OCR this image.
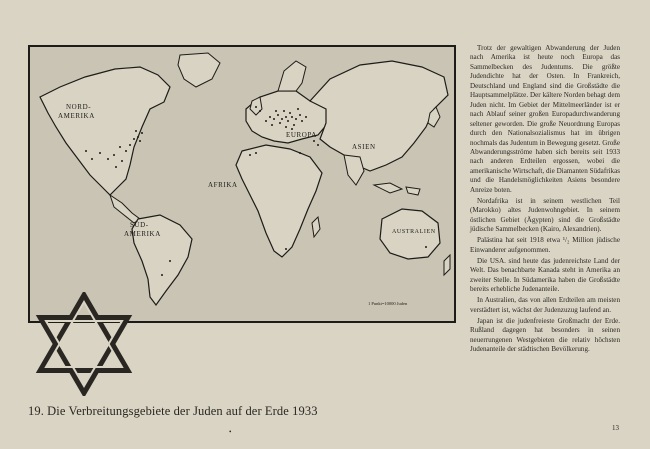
NORD-
AMERIKA
EUROPA
ASIEN
AFRIKA
SÜD-
AMERIKA	AUSTRALIEN
1 Punkt=10000 Juden
19. Die Verbreitungsgebiete der Juden auf der Erde 1933

Trotz der gewaltigen Abwanderung der Juden nach Amerika ist heute noch Europa das Sammelbecken des Judentums. Die größte Judendichte hat der Osten. In Frankreich, Deutschland und England sind die Großstädte die Hauptsammelplätze. Der kältere Norden behagt dem Juden nicht. Im Gebiet der Mittelmeerländer ist er nach Ablauf seiner großen Europadurchwanderung seltener geworden. Die große Neuordnung Europas durch den Nationalsozialismus hat im übrigen nochmals das Judentum in Bewegung gesetzt. Große Abwanderungsströme haben sich bereits seit 1933 nach anderen Erdteilen ergossen, wobei die amerikanische Wirtschaft, die Diamanten Südafrikas und die Handelsmöglichkeiten Asiens besondere Anreize boten.

Nordafrika ist in seinem westlichen Teil (Marokko) altes Judenwohngebiet. In seinem östlichen Gebiet (Ägypten) sind die Großstädte jüdische Sammelbecken (Kairo, Alexandrien).

Palästina hat seit 1918 etwa ¹/₂ Million jüdische Einwanderer aufgenommen.

Die USA. sind heute das judenreichste Land der Welt. Das benachbarte Kanada steht in Amerika an zweiter Stelle. In Südamerika haben die Großstädte bereits erhebliche Judenanteile.

In Australien, das von allen Erdteilen am meisten verstädtert ist, wächst der Judenzuzug laufend an.

Japan ist die judenfreieste Großmacht der Erde. Rußland dagegen hat besonders in seinen neuerrungenen Westgebieten die relativ höchsten Judenanteile der städtischen Bevölkerung.

•	13
